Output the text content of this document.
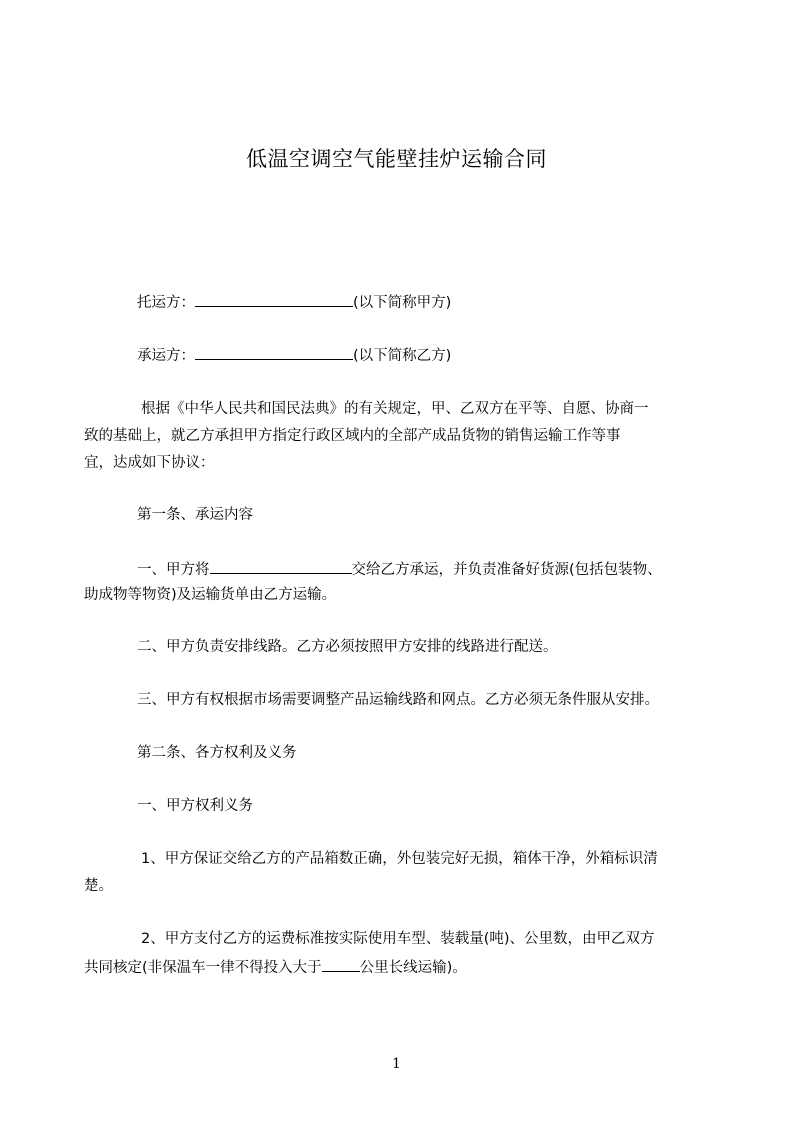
低温空调空气能壁挂炉运输合同
托运方：	(以下简称甲方)
承运方：	(以下简称乙方)
根据《中华人民共和国民法典》的有关规定，甲、乙双方在平等、自愿、协商一
致的基础上，就乙方承担甲方指定行政区域内的全部产成品货物的销售运输工作等事
宜，达成如下协议：
第一条、承运内容
一、甲方将	交给乙方承运，并负责准备好货源(包括包装物、
助成物等物资)及运输货单由乙方运输。
二、甲方负责安排线路。乙方必须按照甲方安排的线路进行配送。
三、甲方有权根据市场需要调整产品运输线路和网点。乙方必须无条件服从安排。
第二条、各方权利及义务
一、甲方权利义务
1、甲方保证交给乙方的产品箱数正确，外包装完好无损，箱体干净，外箱标识清
楚。
2、甲方支付乙方的运费标准按实际使用车型、装载量(吨)、公里数，由甲乙双方
共同核定(非保温车一律不得投入大于	公里长线运输)。
1
